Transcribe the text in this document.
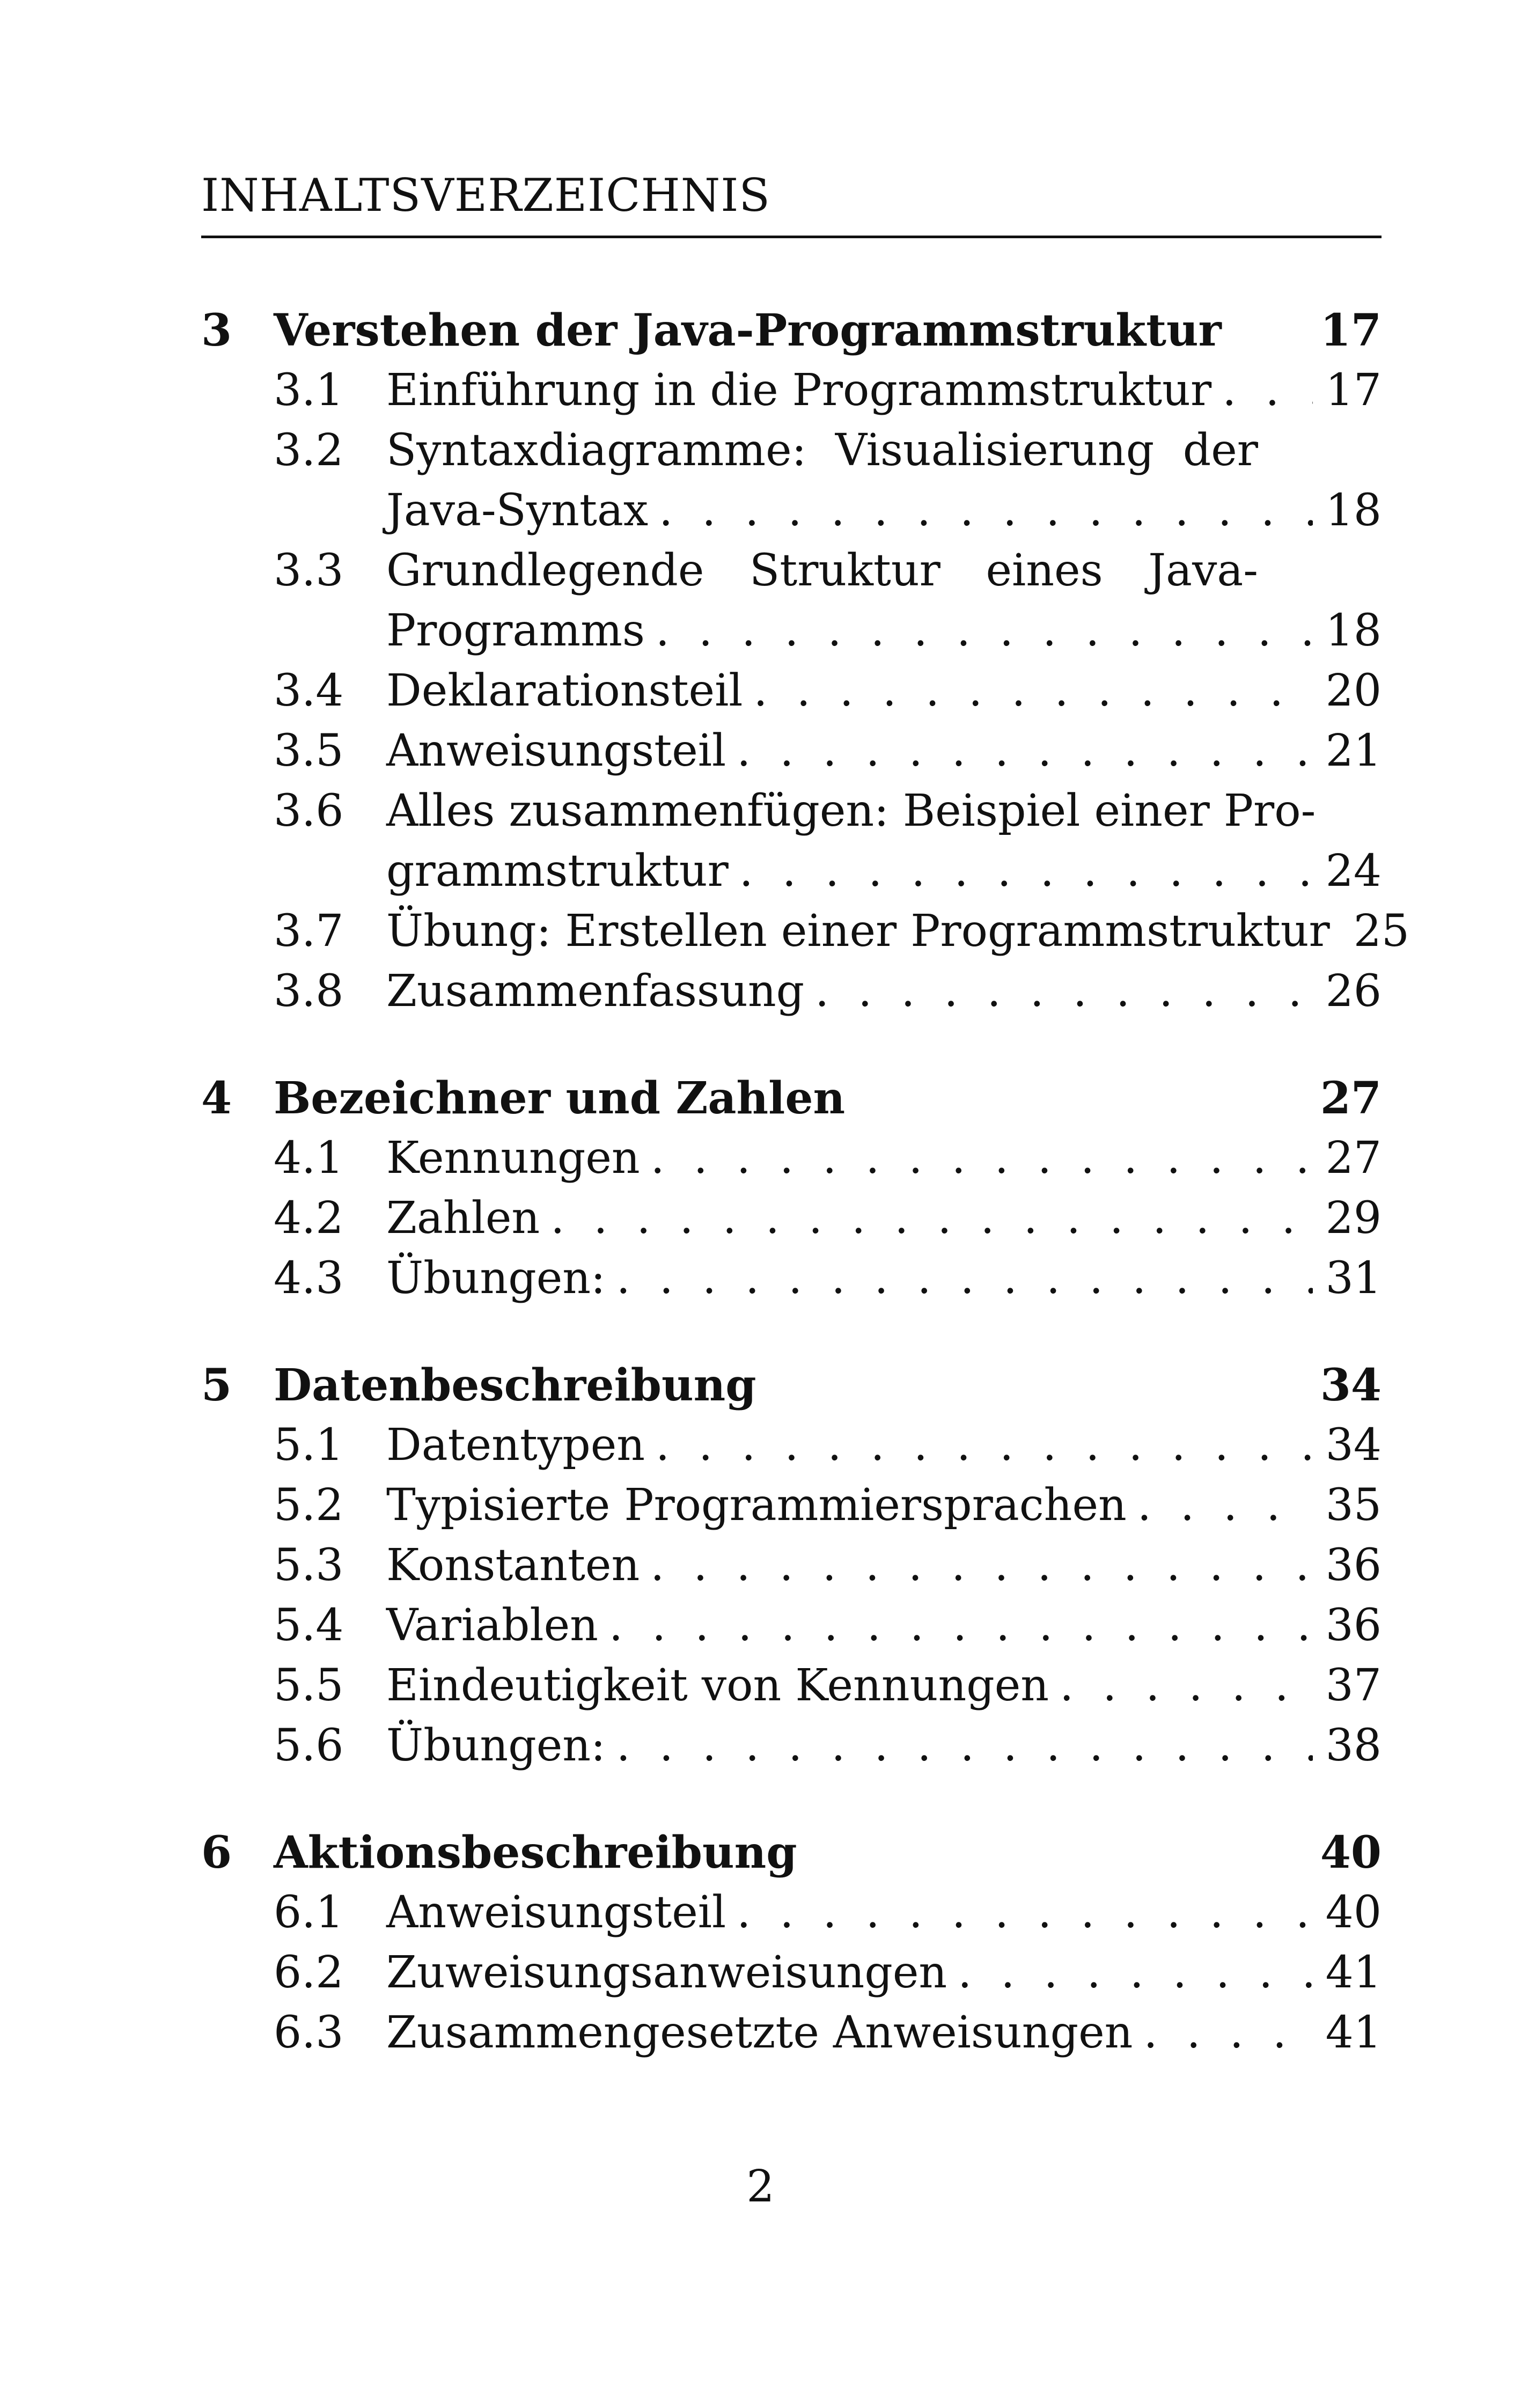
INHALTSVERZEICHNIS
3 Verstehen der Java-Programmstruktur	17
3.1 Einführung in die Programmstruktur . . .	17
3.2 Syntaxdiagramme: Visualisierung der
Java-Syntax . . .	18
3.3 Grundlegende Struktur eines Java-
Programms . . .	18
3.4 Deklarationsteil . . .	20
3.5 Anweisungsteil . . .	21
3.6 Alles zusammenfügen: Beispiel einer Pro-
grammstruktur . . .	24
3.7 Übung: Erstellen einer Programmstruktur 25
3.8 Zusammenfassung . . .	26
4 Bezeichner und Zahlen	27
4.1 Kennungen . . .	27
4.2 Zahlen . . .	29
4.3 Übungen: . . .	31
5 Datenbeschreibung	34
5.1 Datentypen . . .	34
5.2 Typisierte Programmiersprachen . . .	35
5.3 Konstanten . . .	36
5.4 Variablen . . .	36
5.5 Eindeutigkeit von Kennungen . . .	37
5.6 Übungen: . . .	38
6 Aktionsbeschreibung	40
6.1 Anweisungsteil . . .	40
6.2 Zuweisungsanweisungen . . .	41
6.3 Zusammengesetzte Anweisungen . . .	41
2
